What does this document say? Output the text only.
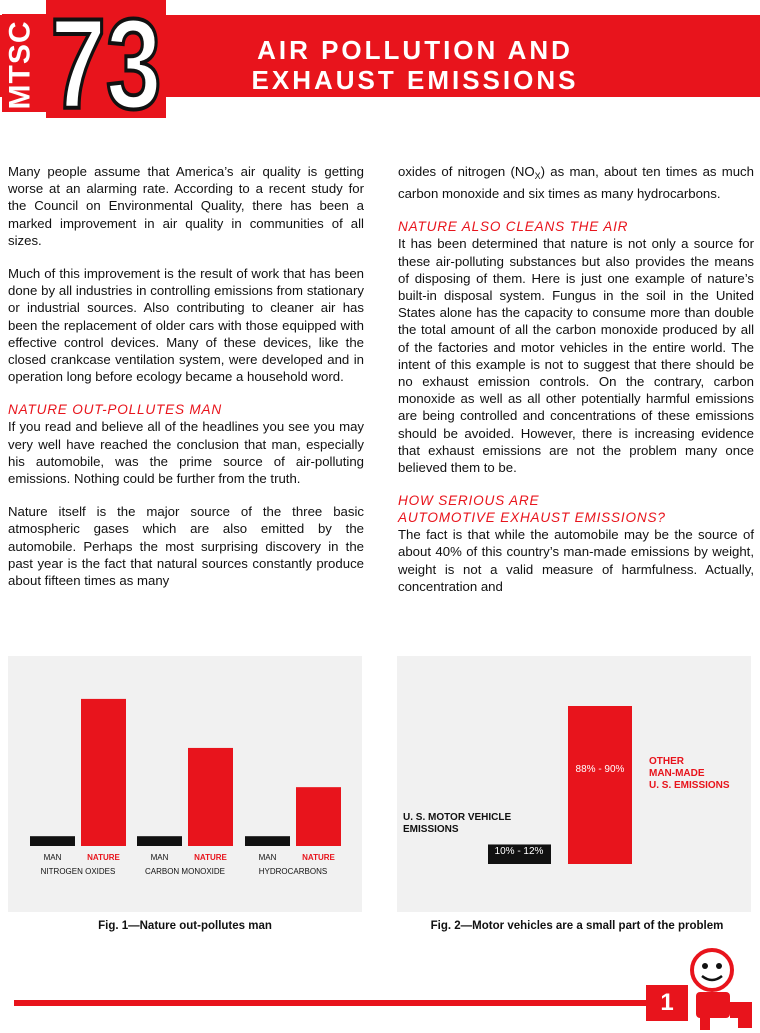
MTSC 73	AIR POLLUTION AND
EXHAUST EMISSIONS

Many people assume that America’s air quality is getting worse at an alarming rate. According to a recent study for the Council on Environmental Quality, there has been a marked improvement in air quality in communities of all sizes.

Much of this improvement is the result of work that has been done by all industries in controlling emissions from stationary or industrial sources. Also contributing to cleaner air has been the replacement of older cars with those equipped with effective control devices. Many of these devices, like the closed crankcase ventilation system, were developed and in operation long before ecology became a household word.

NATURE OUT-POLLUTES MAN

If you read and believe all of the headlines you see you may very well have reached the conclusion that man, especially his automobile, was the prime source of air-polluting emissions. Nothing could be further from the truth.

Nature itself is the major source of the three basic atmospheric gases which are also emitted by the automobile. Perhaps the most surprising discovery in the past year is the fact that natural sources constantly produce about fifteen times as many

oxides of nitrogen $(NO_X)$ as man, about ten times as much carbon monoxide and six times as many hydrocarbons.

NATURE ALSO CLEANS THE AIR

It has been determined that nature is not only a source for these air-polluting substances but also provides the means of disposing of them. Here is just one example of nature’s built-in disposal system. Fungus in the soil in the United States alone has the capacity to consume more than double the total amount of all the carbon monoxide produced by all of the factories and motor vehicles in the entire world. The intent of this example is not to suggest that there should be no exhaust emission controls. On the contrary, carbon monoxide as well as all other potentially harmful emissions are being controlled and concentrations of these emissions should be avoided. However, there is increasing evidence that exhaust emissions are not the problem many once believed them to be.

HOW SERIOUS ARE
AUTOMOTIVE EXHAUST EMISSIONS?

The fact is that while the automobile may be the source of about 40% of this country’s man-made emissions by weight, weight is not a valid measure of harmfulness. Actually, concentration and

MAN	NATURE
NITROGEN OXIDES
MAN	NATURE
CARBON MONOXIDE
MAN	NATURE
HYDROCARBONS
Fig. 1—Nature out-pollutes man
88% - 90%
10% - 12%
U. S. MOTOR VEHICLE
EMISSIONS
OTHER
MAN-MADE
U. S. EMISSIONS
Fig. 2—Motor vehicles are a small part of the problem
1
